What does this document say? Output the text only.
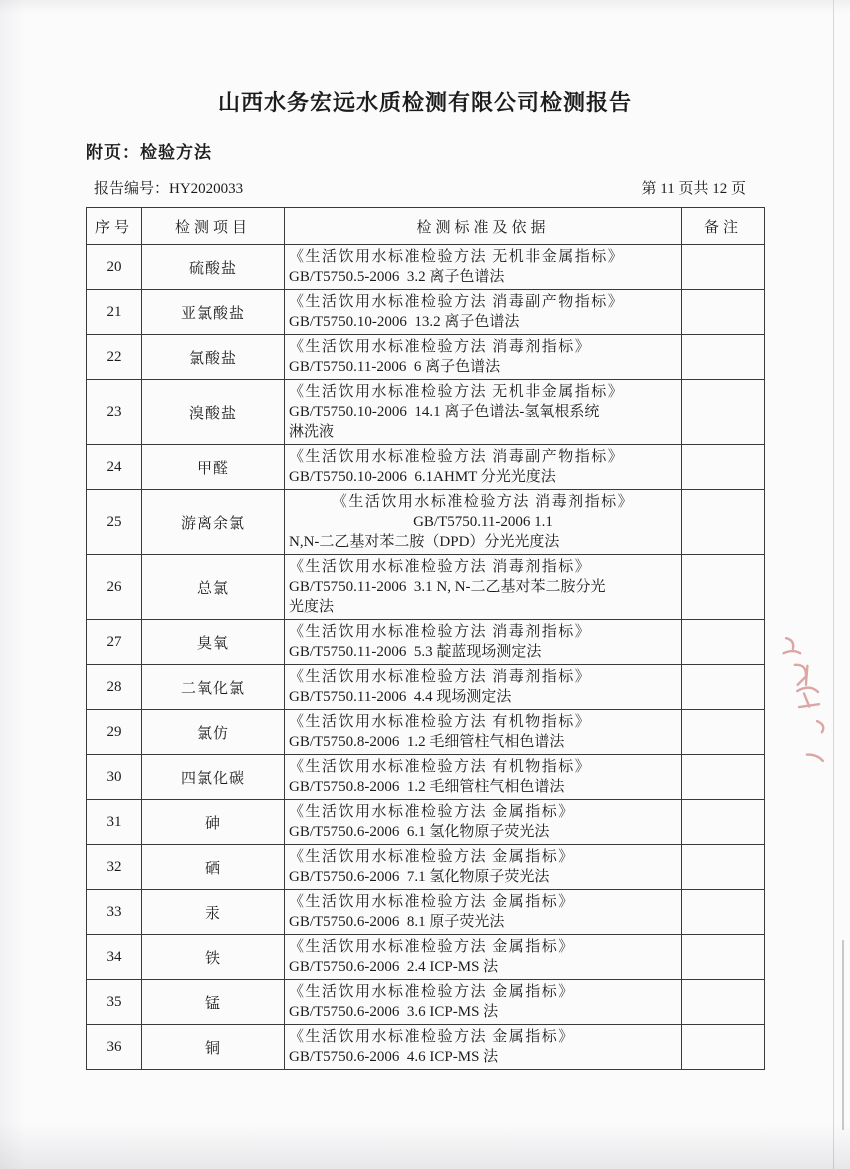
山西水务宏远水质检测有限公司检测报告
附页：检验方法
报告编号：HY2020033	第 11 页共 12 页
序号	检测项目	检测标准及依据	备注
20	硫酸盐	《生活饮用水标准检验方法 无机非金属指标》
GB/T5750.5-2006  3.2 离子色谱法	

21	亚氯酸盐	《生活饮用水标准检验方法 消毒副产物指标》
GB/T5750.10-2006  13.2 离子色谱法	

22	氯酸盐	《生活饮用水标准检验方法 消毒剂指标》
GB/T5750.11-2006  6 离子色谱法	

23	溴酸盐	《生活饮用水标准检验方法 无机非金属指标》
GB/T5750.10-2006  14.1 离子色谱法-氢氧根系统
淋洗液	

24	甲醛	《生活饮用水标准检验方法 消毒副产物指标》
GB/T5750.10-2006  6.1AHMT 分光光度法	

25	游离余氯	《生活饮用水标准检验方法 消毒剂指标》
GB/T5750.11-2006 1.1
N,N-二乙基对苯二胺（DPD）分光光度法	

26	总氯	《生活饮用水标准检验方法 消毒剂指标》
GB/T5750.11-2006  3.1 N, N-二乙基对苯二胺分光
光度法	

27	臭氧	《生活饮用水标准检验方法 消毒剂指标》
GB/T5750.11-2006  5.3 靛蓝现场测定法	

28	二氧化氯	《生活饮用水标准检验方法 消毒剂指标》
GB/T5750.11-2006  4.4 现场测定法	

29	氯仿	《生活饮用水标准检验方法 有机物指标》
GB/T5750.8-2006  1.2 毛细管柱气相色谱法	

30	四氯化碳	《生活饮用水标准检验方法 有机物指标》
GB/T5750.8-2006  1.2 毛细管柱气相色谱法	

31	砷	《生活饮用水标准检验方法 金属指标》
GB/T5750.6-2006  6.1 氢化物原子荧光法	

32	硒	《生活饮用水标准检验方法 金属指标》
GB/T5750.6-2006  7.1 氢化物原子荧光法	

33	汞	《生活饮用水标准检验方法 金属指标》
GB/T5750.6-2006  8.1 原子荧光法	

34	铁	《生活饮用水标准检验方法 金属指标》
GB/T5750.6-2006  2.4 ICP-MS 法	

35	锰	《生活饮用水标准检验方法 金属指标》
GB/T5750.6-2006  3.6 ICP-MS 法	

36	铜	《生活饮用水标准检验方法 金属指标》
GB/T5750.6-2006  4.6 ICP-MS 法	
